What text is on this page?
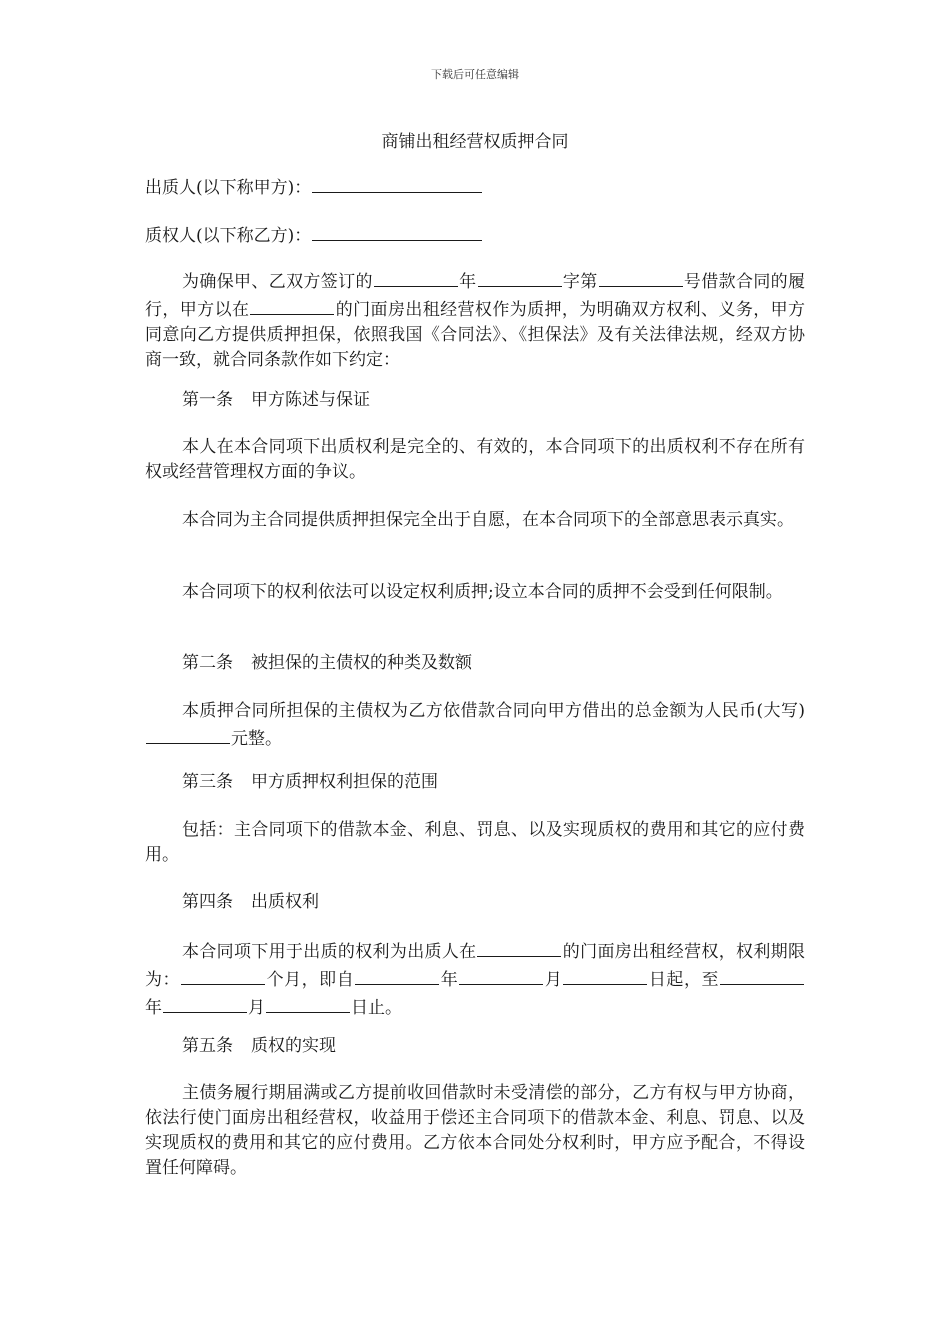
下载后可任意编辑
商铺出租经营权质押合同

出质人(以下称甲方)：

质权人(以下称乙方)：

为确保甲、乙双方签订的	年	字第	号借款合同的履行，甲方以在	的门面房出租经营权作为质押，为明确双方权利、义务，甲方同意向乙方提供质押担保，依照我国《合同法》、《担保法》及有关法律法规，经双方协商一致，就合同条款作如下约定：

第一条 甲方陈述与保证

本人在本合同项下出质权利是完全的、有效的，本合同项下的出质权利不存在所有权或经营管理权方面的争议。

本合同为主合同提供质押担保完全出于自愿，在本合同项下的全部意思表示真实。

本合同项下的权利依法可以设定权利质押;设立本合同的质押不会受到任何限制。

第二条 被担保的主债权的种类及数额

本质押合同所担保的主债权为乙方依借款合同向甲方借出的总金额为人民币(大写)元整。

第三条 甲方质押权利担保的范围

包括：主合同项下的借款本金、利息、罚息、以及实现质权的费用和其它的应付费用。

第四条 出质权利

本合同项下用于出质的权利为出质人在	的门面房出租经营权，权利期限为：	个月，即自	年	月	日起，至年	月	日止。

第五条 质权的实现

主债务履行期届满或乙方提前收回借款时未受清偿的部分，乙方有权与甲方协商，依法行使门面房出租经营权，收益用于偿还主合同项下的借款本金、利息、罚息、以及实现质权的费用和其它的应付费用。乙方依本合同处分权利时，甲方应予配合，不得设置任何障碍。
